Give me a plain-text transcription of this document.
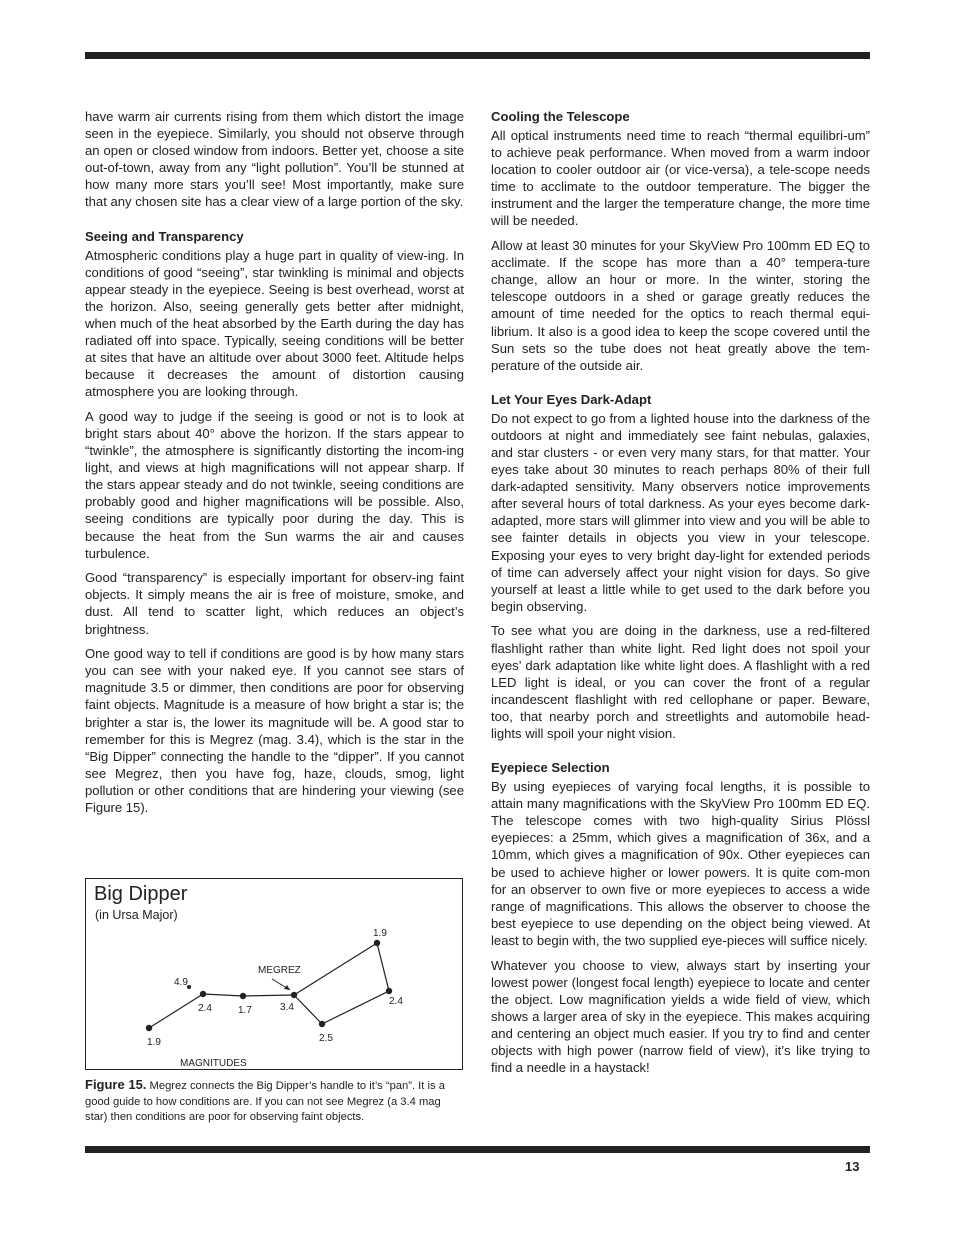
have warm air currents rising from them which distort the image seen in the eyepiece. Similarly, you should not observe through an open or closed window from indoors. Better yet, choose a site out-of-town, away from any “light pollution”. You’ll be stunned at how many more stars you’ll see! Most importantly, make sure that any chosen site has a clear view of a large portion of the sky.

Seeing and Transparency

Atmospheric conditions play a huge part in quality of view-ing. In conditions of good “seeing”, star twinkling is minimal and objects appear steady in the eyepiece. Seeing is best overhead, worst at the horizon. Also, seeing generally gets better after midnight, when much of the heat absorbed by the Earth during the day has radiated off into space. Typically, seeing conditions will be better at sites that have an altitude over about 3000 feet. Altitude helps because it decreases the amount of distortion causing atmosphere you are looking through.

A good way to judge if the seeing is good or not is to look at bright stars about 40° above the horizon. If the stars appear to “twinkle”, the atmosphere is significantly distorting the incom-ing light, and views at high magnifications will not appear sharp. If the stars appear steady and do not twinkle, seeing conditions are probably good and higher magnifications will be possible. Also, seeing conditions are typically poor during the day. This is because the heat from the Sun warms the air and causes turbulence.

Good “transparency” is especially important for observ-ing faint objects. It simply means the air is free of moisture, smoke, and dust. All tend to scatter light, which reduces an object’s brightness.

One good way to tell if conditions are good is by how many stars you can see with your naked eye. If you cannot see stars of magnitude 3.5 or dimmer, then conditions are poor for observing faint objects. Magnitude is a measure of how bright a star is; the brighter a star is, the lower its magnitude will be. A good star to remember for this is Megrez (mag. 3.4), which is the star in the “Big Dipper” connecting the handle to the “dipper”. If you cannot see Megrez, then you have fog, haze, clouds, smog, light pollution or other conditions that are hindering your viewing (see Figure 15).

1.9
2.4	1.7	3.4
2.5
2.4
1.9
4.9
MEGREZ
MAGNITUDES
Big Dipper
(in Ursa Major)

Figure 15. Megrez connects the Big Dipper’s handle to it’s “pan”. It is a good guide to how conditions are. If you can not see Megrez (a 3.4 mag star) then conditions are poor for observing faint objects.

Cooling the Telescope

All optical instruments need time to reach “thermal equilibri-um” to achieve peak performance. When moved from a warm indoor location to cooler outdoor air (or vice-versa), a tele-scope needs time to acclimate to the outdoor temperature. The bigger the instrument and the larger the temperature change, the more time will be needed.

Allow at least 30 minutes for your SkyView Pro 100mm ED EQ to acclimate. If the scope has more than a 40° tempera-ture change, allow an hour or more. In the winter, storing the telescope outdoors in a shed or garage greatly reduces the amount of time needed for the optics to reach thermal equi-librium. It also is a good idea to keep the scope covered until the Sun sets so the tube does not heat greatly above the tem-perature of the outside air.

Let Your Eyes Dark-Adapt

Do not expect to go from a lighted house into the darkness of the outdoors at night and immediately see faint nebulas, galaxies, and star clusters - or even very many stars, for that matter. Your eyes take about 30 minutes to reach perhaps 80% of their full dark-adapted sensitivity. Many observers notice improvements after several hours of total darkness. As your eyes become dark-adapted, more stars will glimmer into view and you will be able to see fainter details in objects you view in your telescope. Exposing your eyes to very bright day-light for extended periods of time can adversely affect your night vision for days. So give yourself at least a little while to get used to the dark before you begin observing.

To see what you are doing in the darkness, use a red-filtered flashlight rather than white light. Red light does not spoil your eyes’ dark adaptation like white light does. A flashlight with a red LED light is ideal, or you can cover the front of a regular incandescent flashlight with red cellophane or paper. Beware, too, that nearby porch and streetlights and automobile head-lights will spoil your night vision.

Eyepiece Selection

By using eyepieces of varying focal lengths, it is possible to attain many magnifications with the SkyView Pro 100mm ED EQ. The telescope comes with two high-quality Sirius Plössl eyepieces: a 25mm, which gives a magnification of 36x, and a 10mm, which gives a magnification of 90x. Other eyepieces can be used to achieve higher or lower powers. It is quite com-mon for an observer to own five or more eyepieces to access a wide range of magnifications. This allows the observer to choose the best eyepiece to use depending on the object being viewed. At least to begin with, the two supplied eye-pieces will suffice nicely.

Whatever you choose to view, always start by inserting your lowest power (longest focal length) eyepiece to locate and center the object. Low magnification yields a wide field of view, which shows a larger area of sky in the eyepiece. This makes acquiring and centering an object much easier. If you try to find and center objects with high power (narrow field of view), it’s like trying to find a needle in a haystack!

13
